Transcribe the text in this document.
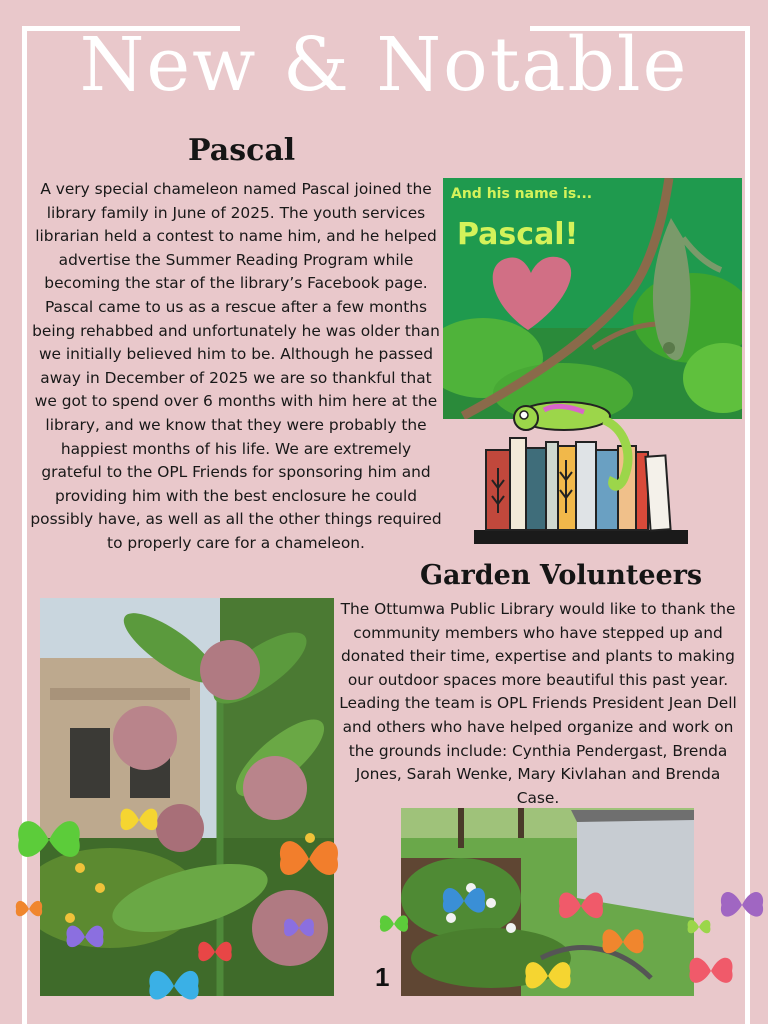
New & Notable
Pascal
A very special chameleon named Pascal joined the library family in June of 2025. The youth services librarian held a contest to name him, and he helped advertise the Summer Reading Program while becoming the star of the library’s Facebook page. Pascal came to us as a rescue after a few months being rehabbed and unfortunately he was older than we initially believed him to be. Although he passed away in December of 2025 we are so thankful that we got to spend over 6 months with him here at the library, and we know that they were probably the happiest months of his life. We are extremely grateful to the OPL Friends for sponsoring him and providing him with the best enclosure he could possibly have, as well as all the other things required to properly care for a chameleon.
And his name is...
Pascal!
Garden Volunteers
The Ottumwa Public Library would like to thank the community members who have stepped up and donated their time, expertise and plants to making our outdoor spaces more beautiful this past year. Leading the team is OPL Friends President Jean Dell and others who have helped organize and work on the grounds include: Cynthia Pendergast, Brenda Jones, Sarah Wenke, Mary Kivlahan and Brenda Case.
1
